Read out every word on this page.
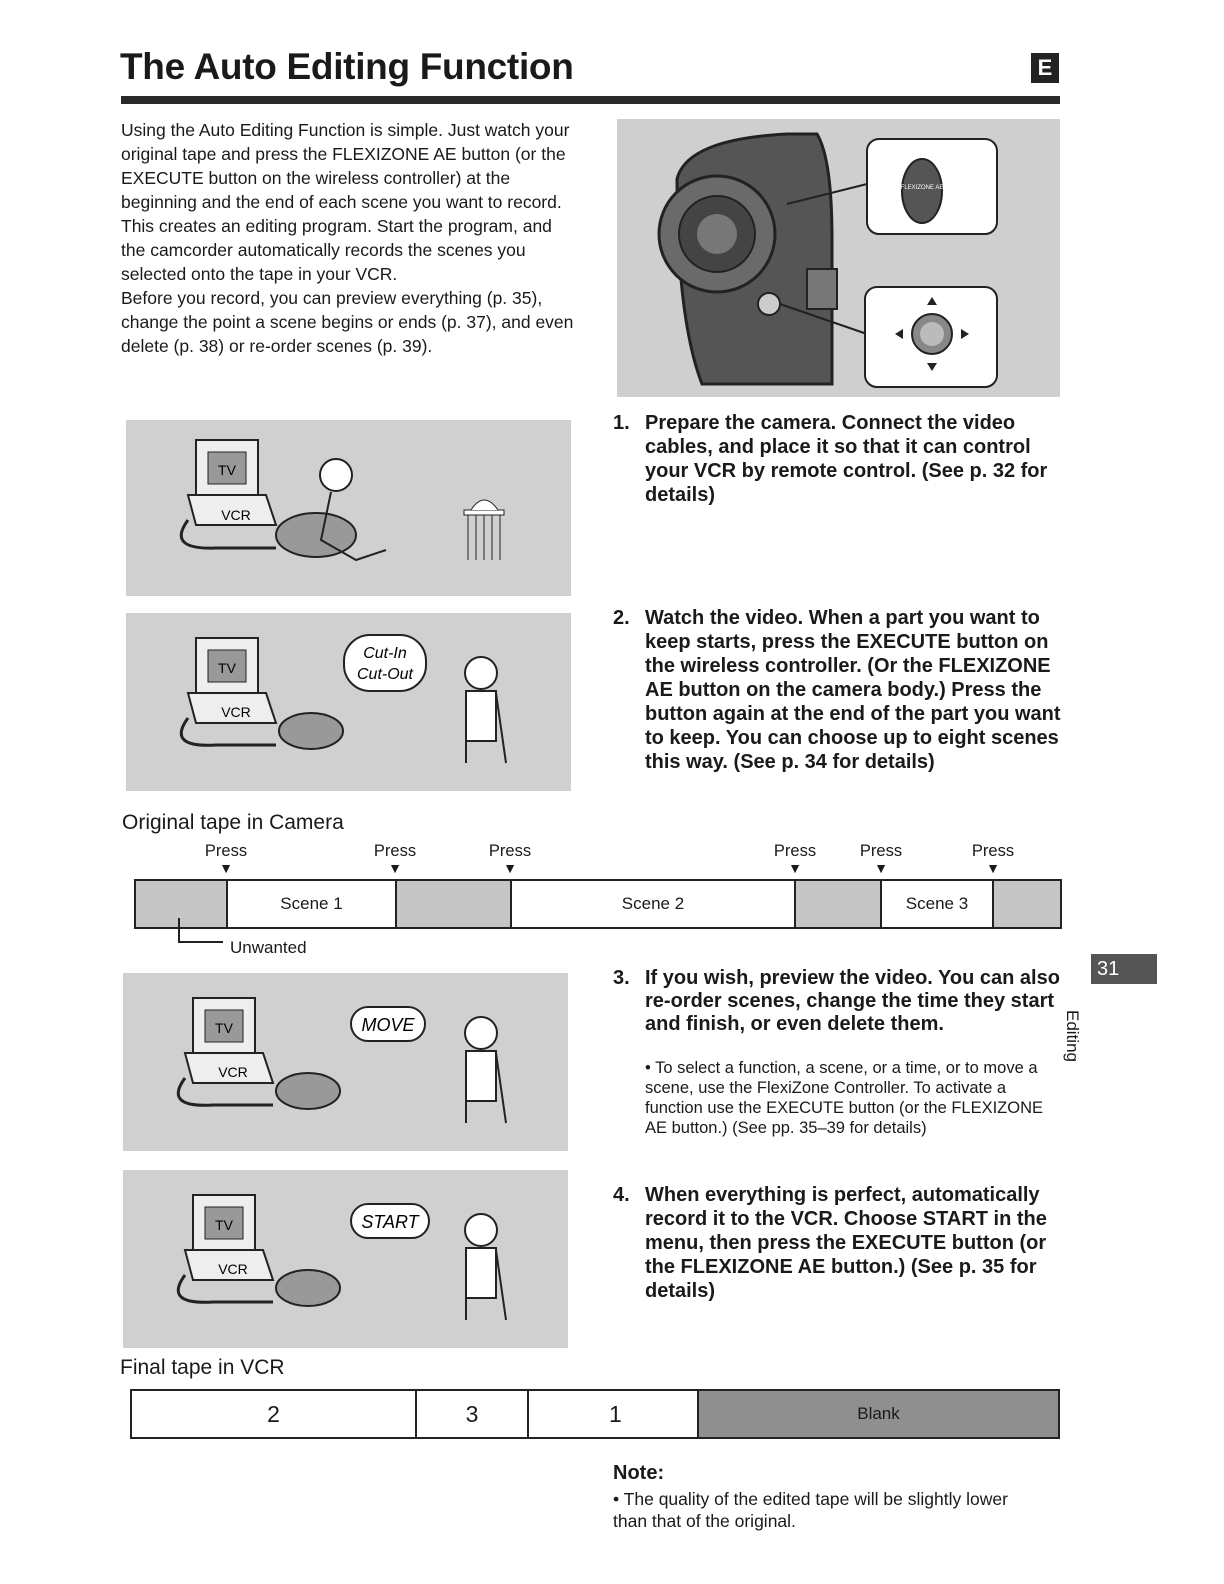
The Auto Editing Function	E

Using the Auto Editing Function is simple. Just watch your original tape and press the FLEXIZONE AE button (or the EXECUTE button on the wireless controller) at the beginning and the end of each scene you want to record.

This creates an editing program. Start the program, and the camcorder automatically records the scenes you selected onto the tape in your VCR.

Before you record, you can preview everything (p. 35), change the point a scene begins or ends (p. 37), and even delete (p. 38) or re-order scenes (p. 39).

FLEXIZONE AE
TV
VCR
TV
VCR
Cut-In
Cut-Out
1. Prepare the camera. Connect the video cables, and place it so that it can control your VCR by remote control. (See p. 32 for details)
2. Watch the video. When a part you want to keep starts, press the EXECUTE button on the wireless controller. (Or the FLEXIZONE AE button on the camera body.) Press the button again at the end of the part you want to keep. You can choose up to eight scenes this way. (See p. 34 for details)
Original tape in Camera
Press
▼
Press
▼
Press
▼
Press
▼
Press
▼
Press
▼
Scene 1	Scene 2	Scene 3
Unwanted
TV
VCR
MOVE
TV
VCR
START
3. If you wish, preview the video. You can also re-order scenes, change the time they start and finish, or even delete them.
• To select a function, a scene, or a time, or to move a scene, use the FlexiZone Controller. To activate a function use the EXECUTE button (or the FLEXIZONE AE button.) (See pp. 35–39 for details)
4. When everything is perfect, automatically record it to the VCR. Choose START in the menu, then press the EXECUTE button (or the FLEXIZONE AE button.) (See p. 35 for details)
Final tape in VCR
2	3	1	Blank
Note:
• The quality of the edited tape will be slightly lower than that of the original.
31
Editing
